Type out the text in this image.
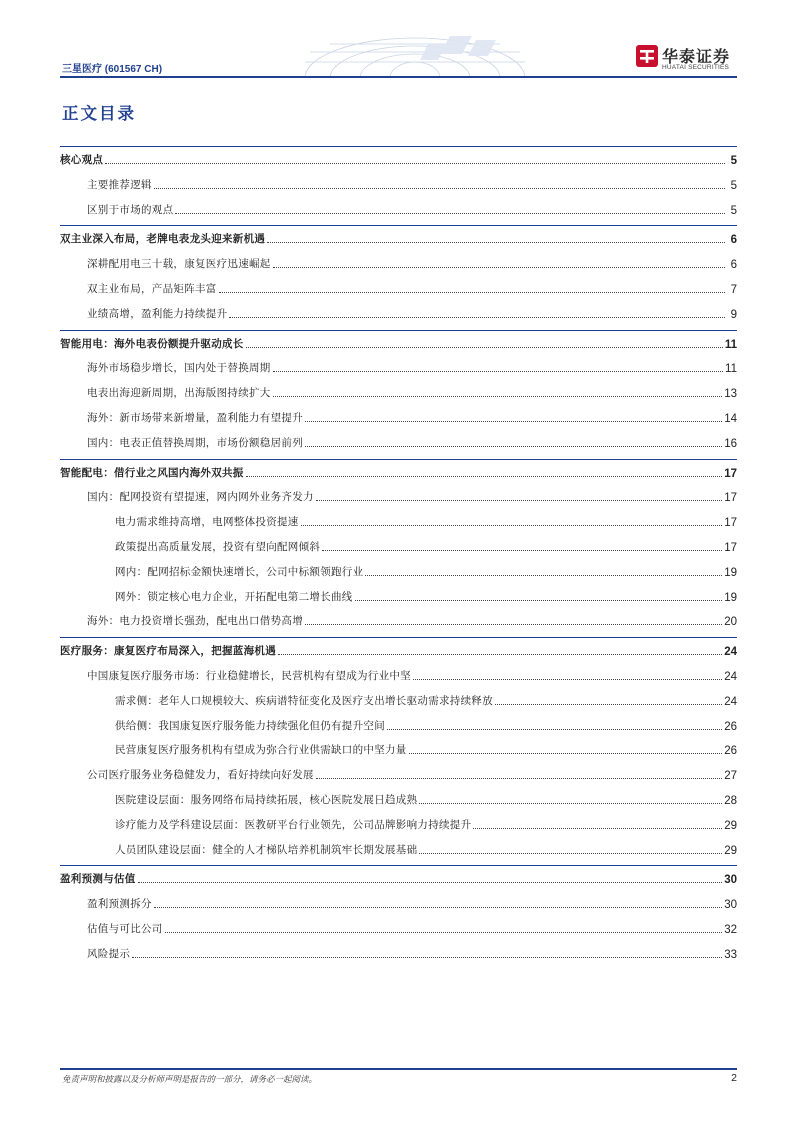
三星医疗 (601567 CH)
华泰证券
HUATAI SECURITIES
正文目录
核心观点	5
主要推荐逻辑	5
区别于市场的观点	5
双主业深入布局，老牌电表龙头迎来新机遇	6
深耕配用电三十载，康复医疗迅速崛起	6
双主业布局，产品矩阵丰富	7
业绩高增，盈利能力持续提升	9
智能用电：海外电表份额提升驱动成长	11
海外市场稳步增长，国内处于替换周期	11
电表出海迎新周期，出海版图持续扩大	13
海外：新市场带来新增量，盈利能力有望提升	14
国内：电表正值替换周期，市场份额稳居前列	16
智能配电：借行业之风国内海外双共振	17
国内：配网投资有望提速，网内网外业务齐发力	17
电力需求维持高增，电网整体投资提速	17
政策提出高质量发展，投资有望向配网倾斜	17
网内：配网招标金额快速增长，公司中标额领跑行业	19
网外：锁定核心电力企业，开拓配电第二增长曲线	19
海外：电力投资增长强劲，配电出口借势高增	20
医疗服务：康复医疗布局深入，把握蓝海机遇	24
中国康复医疗服务市场：行业稳健增长，民营机构有望成为行业中坚	24
需求侧：老年人口规模较大、疾病谱特征变化及医疗支出增长驱动需求持续释放	24
供给侧：我国康复医疗服务能力持续强化但仍有提升空间	26
民营康复医疗服务机构有望成为弥合行业供需缺口的中坚力量	26
公司医疗服务业务稳健发力，看好持续向好发展	27
医院建设层面：服务网络布局持续拓展，核心医院发展日趋成熟	28
诊疗能力及学科建设层面：医教研平台行业领先，公司品牌影响力持续提升	29
人员团队建设层面：健全的人才梯队培养机制筑牢长期发展基础	29
盈利预测与估值	30
盈利预测拆分	30
估值与可比公司	32
风险提示	33
免责声明和披露以及分析师声明是报告的一部分，请务必一起阅读。	2
